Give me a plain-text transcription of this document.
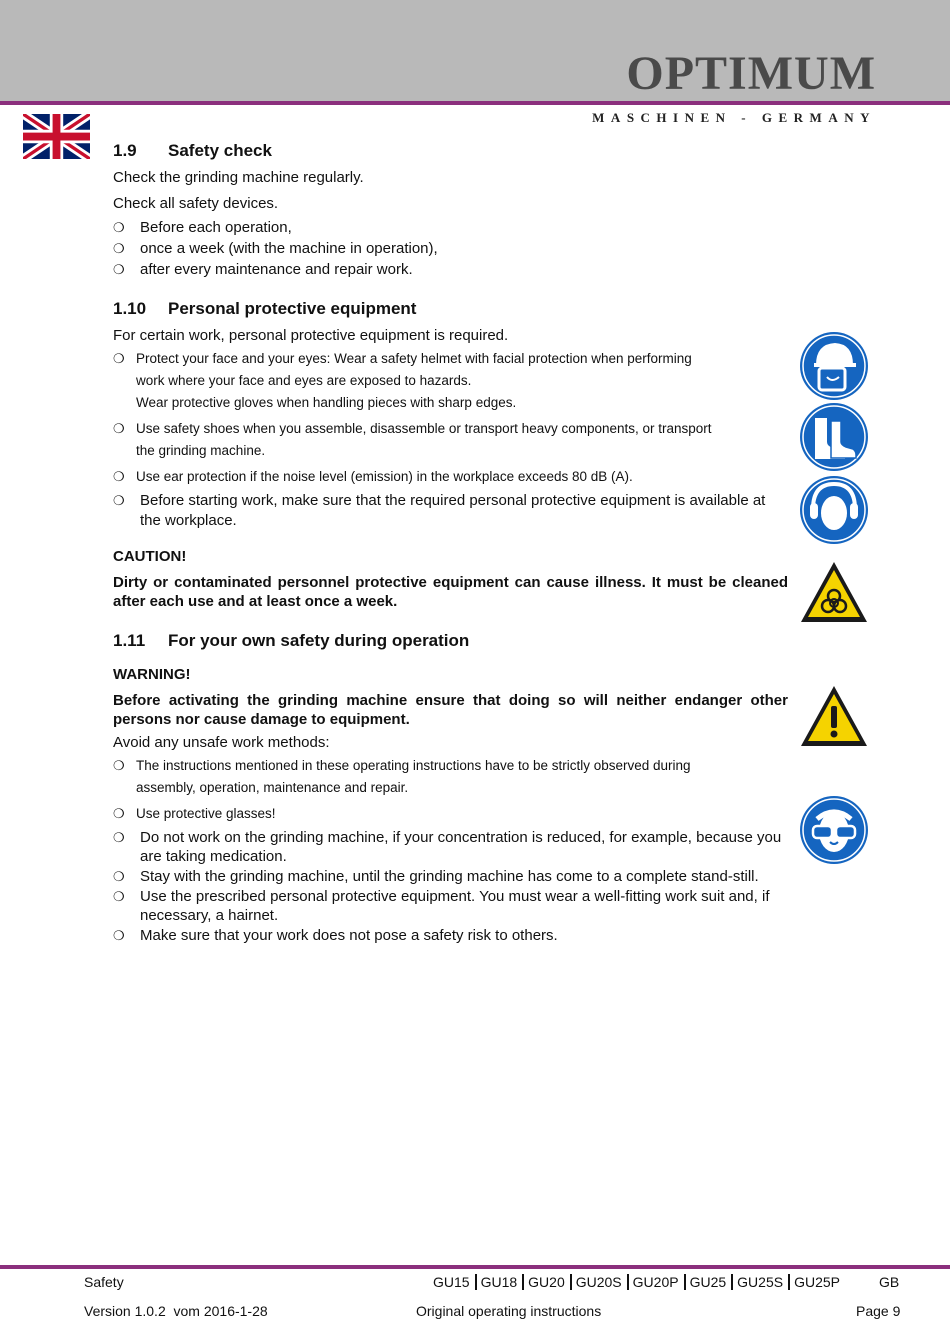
OPTIMUM
MASCHINEN - GERMANY
1.9 Safety check

Check the grinding machine regularly.

Check all safety devices.

❍ Before each operation,
❍ once a week (with the machine in operation),
❍ after every maintenance and repair work.
1.10 Personal protective equipment

For certain work, personal protective equipment is required.

❍ Protect your face and your eyes: Wear a safety helmet with facial protection when performing

work where your face and eyes are exposed to hazards.

Wear protective gloves when handling pieces with sharp edges.

❍ Use safety shoes when you assemble, disassemble or transport heavy components, or transport

the grinding machine.

❍ Use ear protection if the noise level (emission) in the workplace exceeds 80 dB (A).
❍ Before starting work, make sure that the required personal protective equipment is available at the workplace.

CAUTION!

Dirty or contaminated personnel protective equipment can cause illness. It must be cleaned after each use and at least once a week.

1.11 For your own safety during operation

WARNING!

Before activating the grinding machine ensure that doing so will neither endanger other persons nor cause damage to equipment.

Avoid any unsafe work methods:

❍ The instructions mentioned in these operating instructions have to be strictly observed during

assembly, operation, maintenance and repair.

❍ Use protective glasses!
❍ Do not work on the grinding machine, if your concentration is reduced, for example, because you are taking medication.
❍ Stay with the grinding machine, until the grinding machine has come to a complete stand-still.
❍ Use the prescribed personal protective equipment. You must wear a well-fitting work suit and, if necessary, a hairnet.
❍ Make sure that your work does not pose a safety risk to others.
Safety	GU15 GU18 GU20 GU20S GU20P GU25 GU25S GU25P	GB
Version 1.0.2  vom 2016-1-28	Original operating instructions	Page 9
